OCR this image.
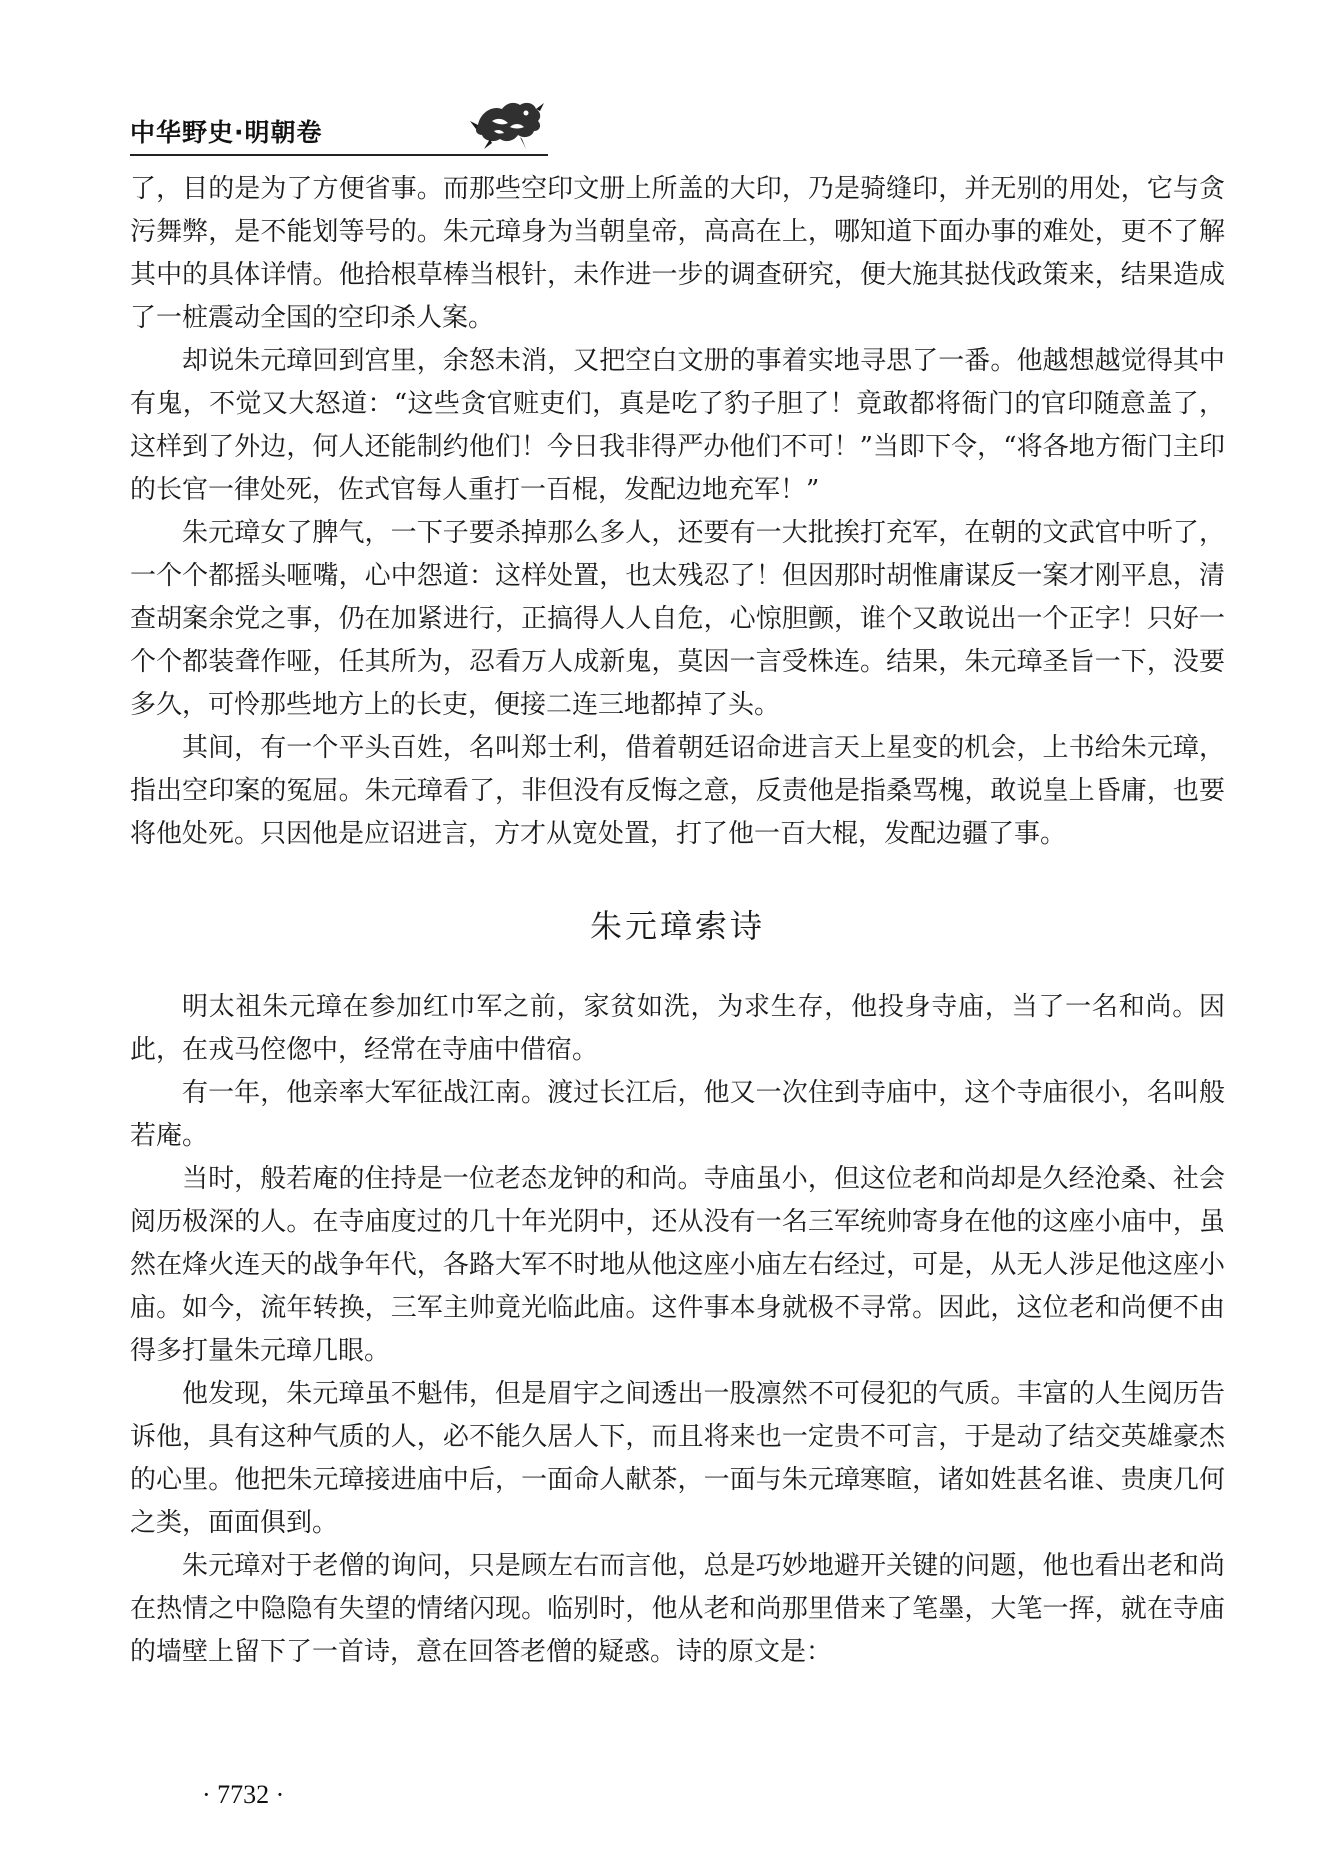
中华野史·明朝卷

了，目的是为了方便省事。而那些空印文册上所盖的大印，乃是骑缝印，并无别的用处，它与贪污舞弊，是不能划等号的。朱元璋身为当朝皇帝，高高在上，哪知道下面办事的难处，更不了解其中的具体详情。他拾根草棒当根针，未作进一步的调查研究，便大施其挞伐政策来，结果造成了一桩震动全国的空印杀人案。

却说朱元璋回到宫里，余怒未消，又把空白文册的事着实地寻思了一番。他越想越觉得其中有鬼，不觉又大怒道：“这些贪官赃吏们，真是吃了豹子胆了！竟敢都将衙门的官印随意盖了，这样到了外边，何人还能制约他们！今日我非得严办他们不可！”当即下令，“将各地方衙门主印的长官一律处死，佐式官每人重打一百棍，发配边地充军！”

朱元璋女了脾气，一下子要杀掉那么多人，还要有一大批挨打充军，在朝的文武官中听了，一个个都摇头咂嘴，心中怨道：这样处置，也太残忍了！但因那时胡惟庸谋反一案才刚平息，清查胡案余党之事，仍在加紧进行，正搞得人人自危，心惊胆颤，谁个又敢说出一个正字！只好一个个都装聋作哑，任其所为，忍看万人成新鬼，莫因一言受株连。结果，朱元璋圣旨一下，没要多久，可怜那些地方上的长吏，便接二连三地都掉了头。

其间，有一个平头百姓，名叫郑士利，借着朝廷诏命进言天上星变的机会，上书给朱元璋，指出空印案的冤屈。朱元璋看了，非但没有反悔之意，反责他是指桑骂槐，敢说皇上昏庸，也要将他处死。只因他是应诏进言，方才从宽处置，打了他一百大棍，发配边疆了事。

朱元璋索诗

明太祖朱元璋在参加红巾军之前，家贫如洗，为求生存，他投身寺庙，当了一名和尚。因此，在戎马倥偬中，经常在寺庙中借宿。

有一年，他亲率大军征战江南。渡过长江后，他又一次住到寺庙中，这个寺庙很小，名叫般若庵。

当时，般若庵的住持是一位老态龙钟的和尚。寺庙虽小，但这位老和尚却是久经沧桑、社会阅历极深的人。在寺庙度过的几十年光阴中，还从没有一名三军统帅寄身在他的这座小庙中，虽然在烽火连天的战争年代，各路大军不时地从他这座小庙左右经过，可是，从无人涉足他这座小庙。如今，流年转换，三军主帅竟光临此庙。这件事本身就极不寻常。因此，这位老和尚便不由得多打量朱元璋几眼。

他发现，朱元璋虽不魁伟，但是眉宇之间透出一股凛然不可侵犯的气质。丰富的人生阅历告诉他，具有这种气质的人，必不能久居人下，而且将来也一定贵不可言，于是动了结交英雄豪杰的心里。他把朱元璋接进庙中后，一面命人献茶，一面与朱元璋寒暄，诸如姓甚名谁、贵庚几何之类，面面俱到。

朱元璋对于老僧的询问，只是顾左右而言他，总是巧妙地避开关键的问题，他也看出老和尚在热情之中隐隐有失望的情绪闪现。临别时，他从老和尚那里借来了笔墨，大笔一挥，就在寺庙的墙壁上留下了一首诗，意在回答老僧的疑惑。诗的原文是：

· 7732 ·
